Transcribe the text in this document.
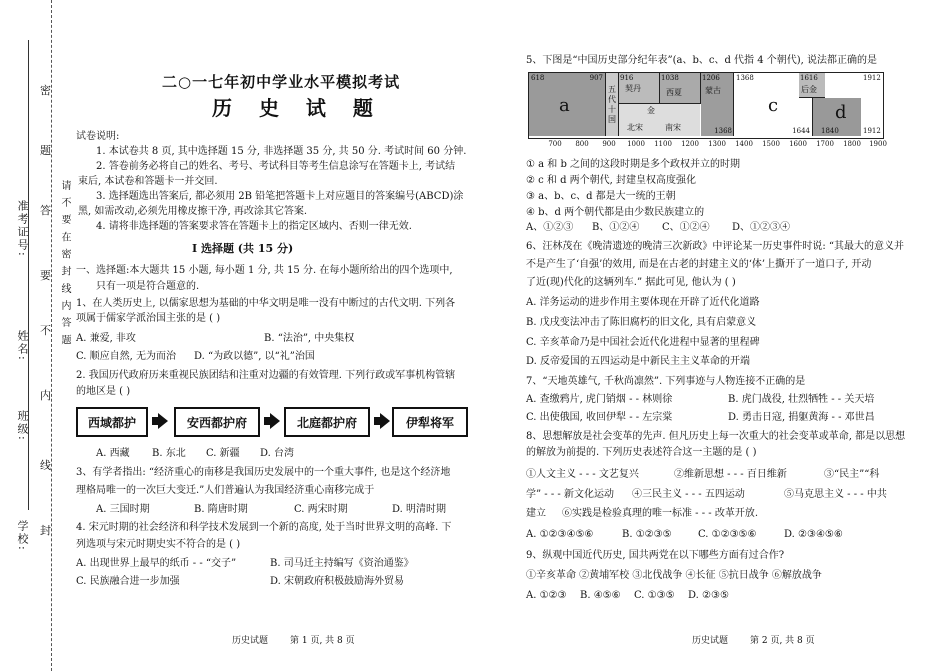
学校:
班级:
姓名:
准考证号:
封
线
内
不
要
答
题
密
请 不 要 在 密 封 线 内 答 题
二○一七年初中学业水平模拟考试
历 史 试 题
试卷说明:
1. 本试卷共 8 页, 其中选择题 15 分, 非选择题 35 分, 共 50 分. 考试时间 60 分钟.
2. 答卷前务必将自己的姓名、考号、考试科目等考生信息涂写在答题卡上, 考试结
束后, 本试卷和答题卡一并交回.
3. 选择题选出答案后, 都必须用 2B 铅笔把答题卡上对应题目的答案编号(ABCD)涂
黑, 如需改动,必须先用橡皮擦干净, 再改涂其它答案.
4. 请将非选择题的答案要求答在答题卡上的指定区域内、否则一律无效.
Ⅰ 选择题 (共 15 分)
一、选择题:本大题共 15 小题, 每小题 1 分, 共 15 分. 在每小题所给出的四个选项中,
只有一项是符合题意的.
1、在人类历史上, 以儒家思想为基础的中华文明是唯一没有中断过的古代文明. 下列各
项属于儒家学派治国主张的是 ( )
A. 兼爱, 非攻	B. “法治”, 中央集权
C. 顺应自然, 无为而治 D. “为政以德”, 以“礼”治国
2. 我国历代政府历来重视民族团结和注重对边疆的有效管理. 下列行政或军事机构管辖
的地区是 ( )
西域都护	安西都护府	北庭都护府	伊犁将军
A. 西藏 B. 东北 C. 新疆 D. 台湾
3、有学者指出: “经济重心的南移是我国历史发展中的一个重大事件, 也是这个经济地
理格局唯一的一次巨大变迁.”人们普遍认为我国经济重心南移完成于
A. 三国时期	B. 隋唐时期	C. 两宋时期	D. 明清时期
4. 宋元时期的社会经济和科学技术发展到一个新的高度, 处于当时世界文明的高峰. 下
列选项与宋元时期史实不符合的是 ( )
A. 出现世界上最早的纸币 - - “交子”	B. 司马迁主持编写《资治通鉴》
C. 民族融合进一步加强	D. 宋朝政府积极鼓励海外贸易
历史试题 第 1 页, 共 8 页
5、下图是“中国历史部分纪年表”(a、b、c、d 代指 4 个朝代), 说法都正确的是
618	907
a
五
代
十
国
916
契丹
1038
西夏
1206
蒙古
1368
金
北宋	南宋
1368
c
1644
1616
后金
d
1840
1912
1912
700 800 900 1000 1100 1200 1300 1400 1500 1600 1700 1800 1900
① a 和 b 之间的这段时期是多个政权并立的时期
② c 和 d 两个朝代, 封建皇权高度强化
③ a、b、c、d 都是大一统的王朝
④ b、d 两个朝代都是由少数民族建立的
A、①②③ B、①②④ C、①②④ D、①②③④
6、汪林茂在《晚清遗迹的晚清三次新政》中评论某一历史事件时说: “其最大的意义并
不是产生了‘自强’的效用, 而是在古老的封建主义的‘体’上撕开了一道口子, 开动
了近(现)代化的这辆列车.” 据此可见, 他认为 ( )
A. 洋务运动的进步作用主要体现在开辟了近代化道路
B. 戊戌变法冲击了陈旧腐朽的旧文化, 具有启蒙意义
C. 辛亥革命乃是中国社会近代化进程中显著的里程碑
D. 反帝爱国的五四运动是中新民主主义革命的开端
7、“天地英雄气, 千秋尚凛然”. 下列事迹与人物连接不正确的是
A. 查缴鸦片, 虎门销烟 - - 林则徐	B. 虎门战役, 壮烈牺牲 - - 关天培
C. 出使俄国, 收回伊犁 - - 左宗棠	D. 勇击日寇, 捐躯黄海 - - 邓世昌
8、思想解放是社会变革的先声. 但凡历史上每一次重大的社会变革或革命, 都是以思想
的解放为前提的. 下列历史表述符合这一主题的是 ( )
①人文主义 - - - 文艺复兴	②维新思想 - - - 百日维新	③“民主”“科
学” - - - 新文化运动 ④三民主义 - - - 五四运动	⑤马克思主义 - - - 中共
建立 ⑥实践是检验真理的唯一标准 - - - 改革开放.
A. ①②③④⑤⑥	B. ①②③⑤	C. ①②③⑤⑥	D. ②③④⑤⑥
9、纵观中国近代历史, 国共两党在以下哪些方面有过合作?
①辛亥革命 ②黄埔军校 ③北伐战争 ④长征 ⑤抗日战争 ⑥解放战争
A. ①②③ B. ④⑤⑥ C. ①③⑤ D. ②③⑤
历史试题 第 2 页, 共 8 页
